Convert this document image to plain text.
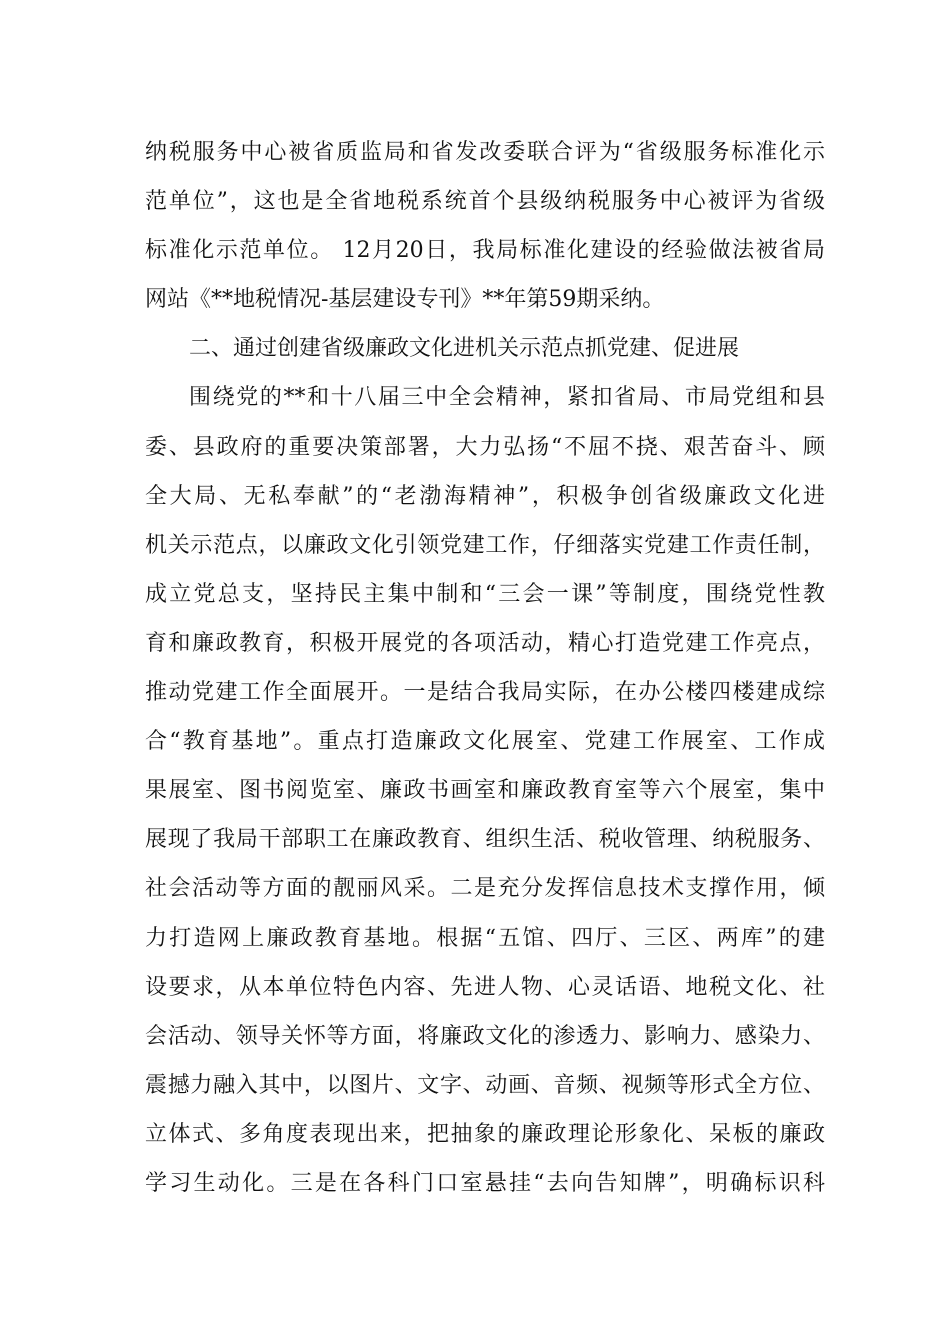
纳税服务中心被省质监局和省发改委联合评为“省级服务标准化示
范单位”，这也是全省地税系统首个县级纳税服务中心被评为省级
标准化示范单位。 12月20日，我局标准化建设的经验做法被省局
网站《**地税情况-基层建设专刊》**年第59期采纳。
二、通过创建省级廉政文化进机关示范点抓党建、促进展
围绕党的**和十八届三中全会精神，紧扣省局、市局党组和县
委、县政府的重要决策部署，大力弘扬“不屈不挠、艰苦奋斗、顾
全大局、无私奉献”的“老渤海精神”，积极争创省级廉政文化进
机关示范点，以廉政文化引领党建工作，仔细落实党建工作责任制，
成立党总支，坚持民主集中制和“三会一课”等制度，围绕党性教
育和廉政教育，积极开展党的各项活动，精心打造党建工作亮点，
推动党建工作全面展开。一是结合我局实际，在办公楼四楼建成综
合“教育基地”。重点打造廉政文化展室、党建工作展室、工作成
果展室、图书阅览室、廉政书画室和廉政教育室等六个展室，集中
展现了我局干部职工在廉政教育、组织生活、税收管理、纳税服务、
社会活动等方面的靓丽风采。二是充分发挥信息技术支撑作用，倾
力打造网上廉政教育基地。根据“五馆、四厅、三区、两库”的建
设要求，从本单位特色内容、先进人物、心灵话语、地税文化、社
会活动、领导关怀等方面，将廉政文化的渗透力、影响力、感染力、
震撼力融入其中，以图片、文字、动画、音频、视频等形式全方位、
立体式、多角度表现出来，把抽象的廉政理论形象化、呆板的廉政
学习生动化。三是在各科门口室悬挂“去向告知牌”，明确标识科
